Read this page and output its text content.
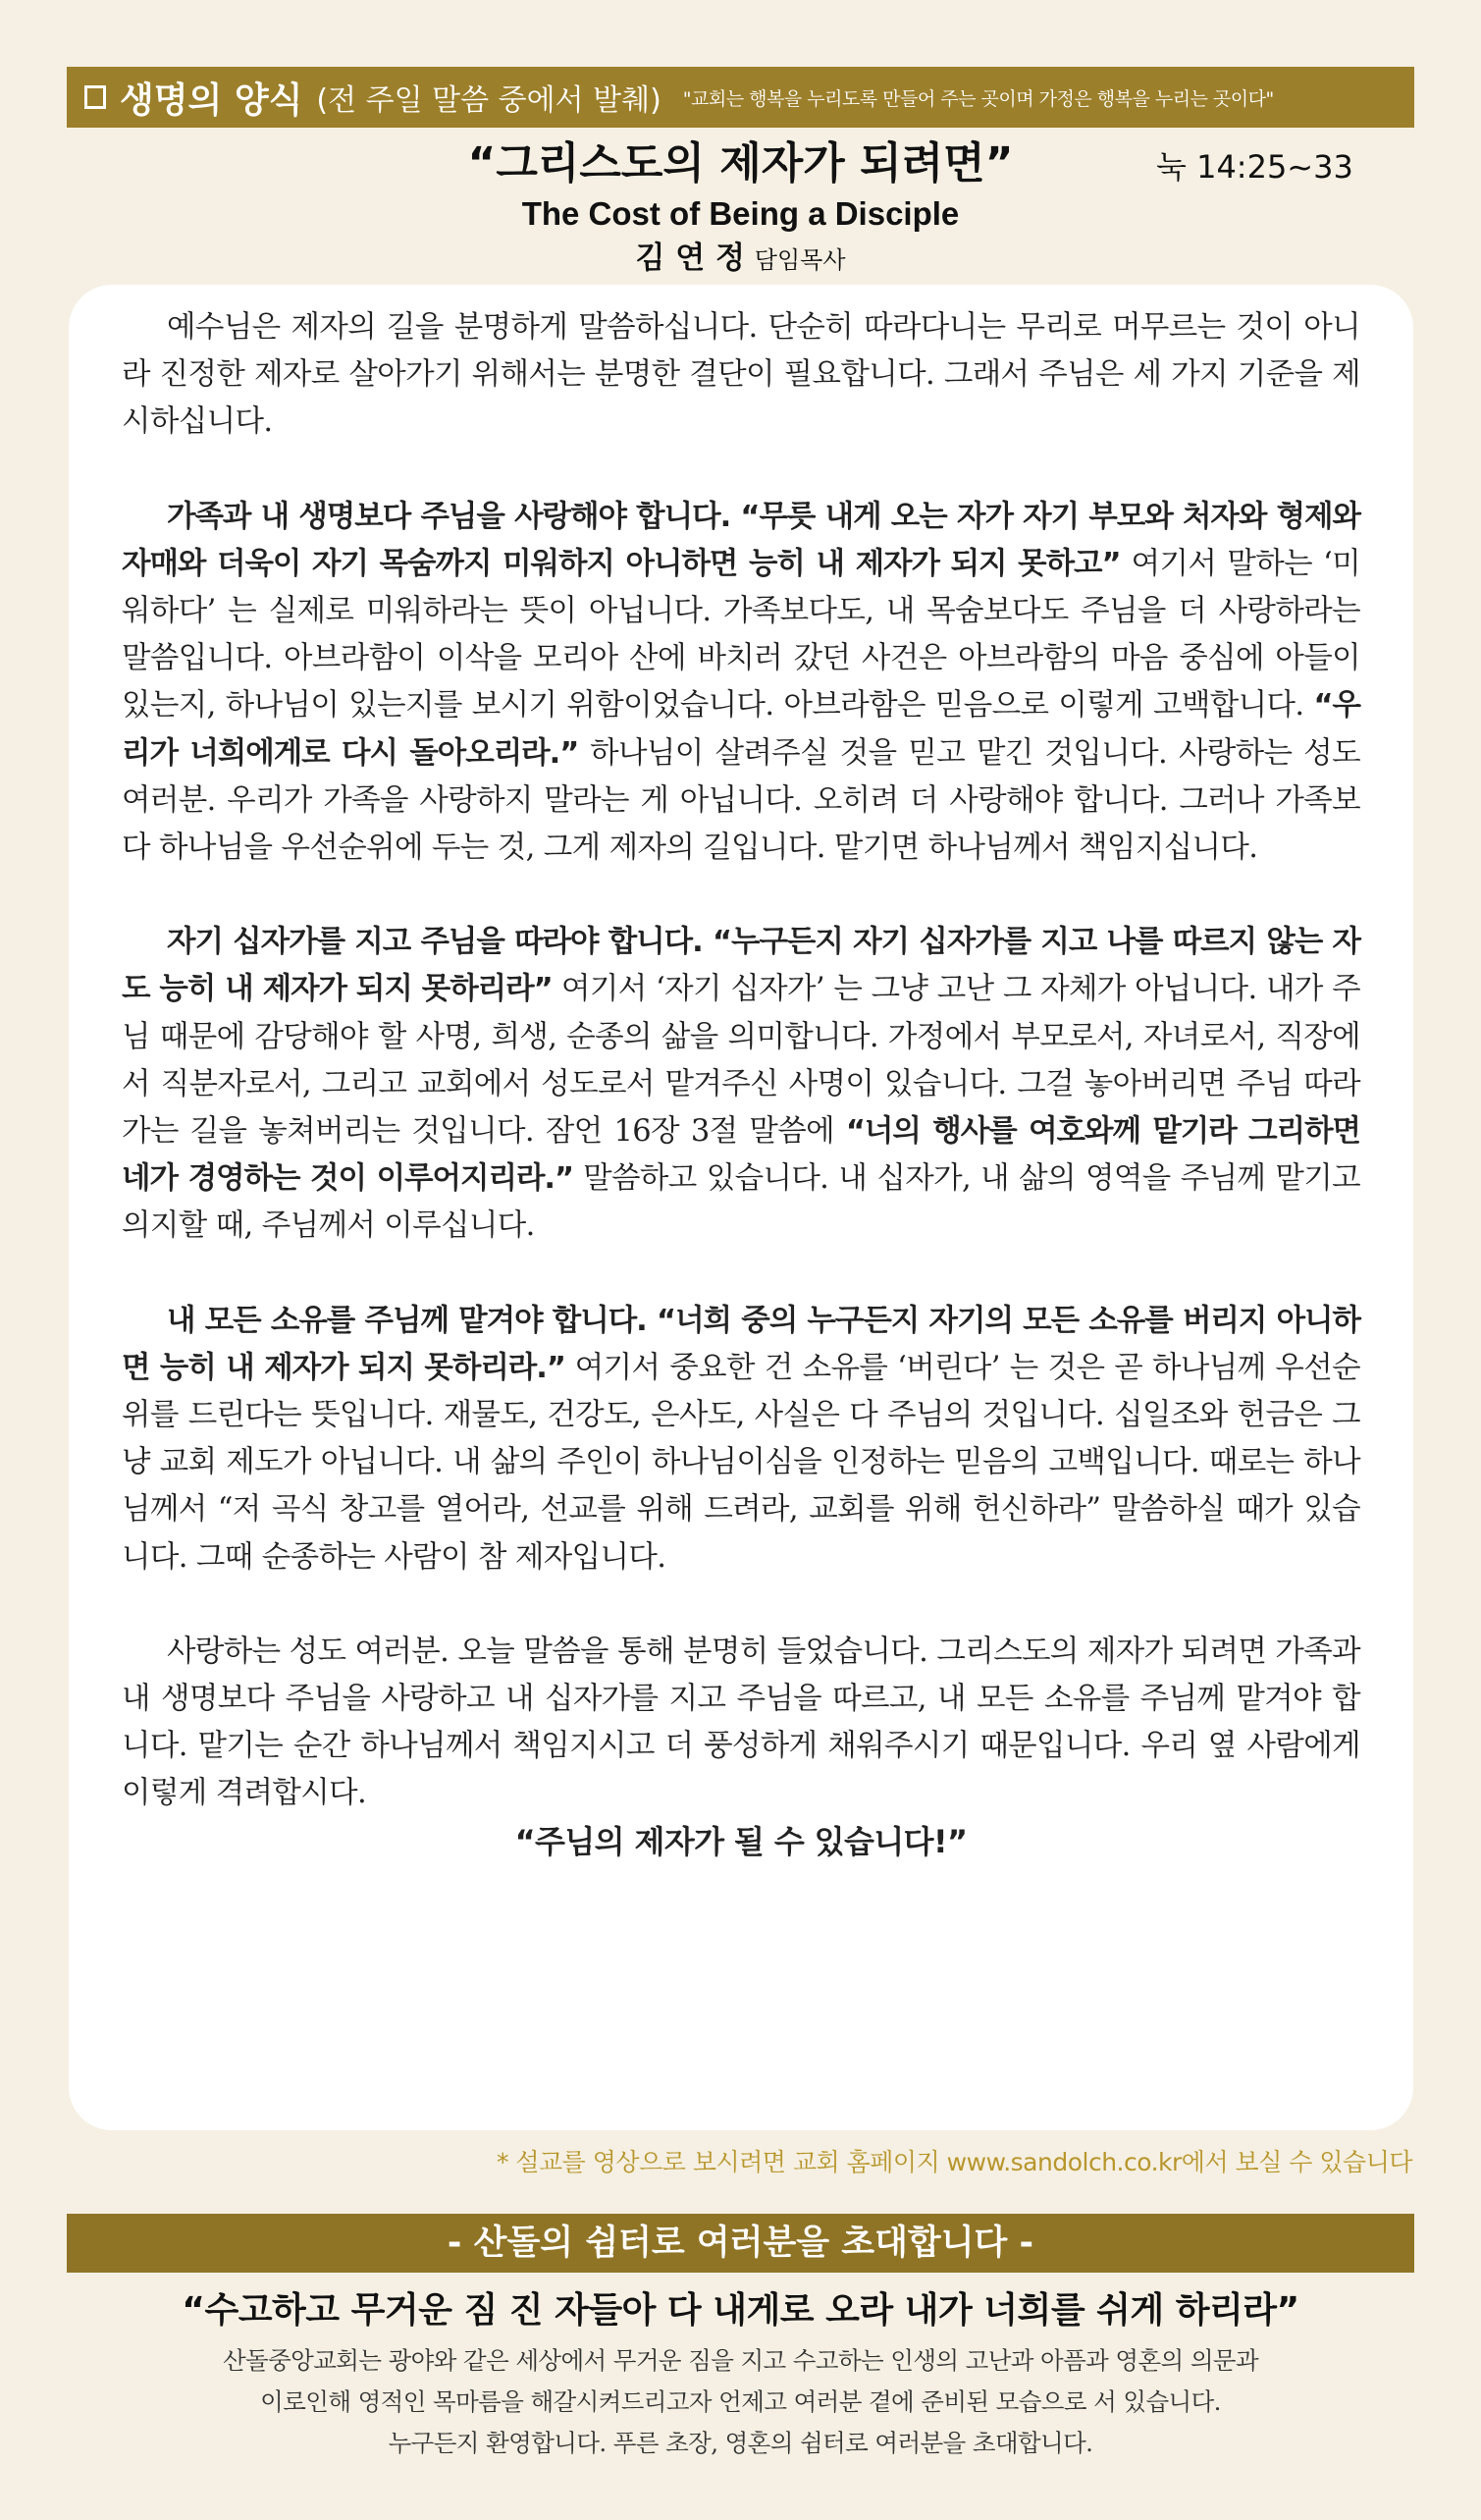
생명의 양식 (전 주일 말씀 중에서 발췌) "교회는 행복을 누리도록 만들어 주는 곳이며 가정은 행복을 누리는 곳이다"
“그리스도의 제자가 되려면”
The Cost of Being a Disciple
김 연 정 담임목사
눅 14:25~33

예수님은 제자의 길을 분명하게 말씀하십니다. 단순히 따라다니는 무리로 머무르는 것이 아니라 진정한 제자로 살아가기 위해서는 분명한 결단이 필요합니다. 그래서 주님은 세 가지 기준을 제시하십니다.

가족과 내 생명보다 주님을 사랑해야 합니다. “무릇 내게 오는 자가 자기 부모와 처자와 형제와 자매와 더욱이 자기 목숨까지 미워하지 아니하면 능히 내 제자가 되지 못하고” 여기서 말하는 ‘미워하다’ 는 실제로 미워하라는 뜻이 아닙니다. 가족보다도, 내 목숨보다도 주님을 더 사랑하라는 말씀입니다. 아브라함이 이삭을 모리아 산에 바치러 갔던 사건은 아브라함의 마음 중심에 아들이 있는지, 하나님이 있는지를 보시기 위함이었습니다. 아브라함은 믿음으로 이렇게 고백합니다. “우리가 너희에게로 다시 돌아오리라.” 하나님이 살려주실 것을 믿고 맡긴 것입니다. 사랑하는 성도 여러분. 우리가 가족을 사랑하지 말라는 게 아닙니다. 오히려 더 사랑해야 합니다. 그러나 가족보다 하나님을 우선순위에 두는 것, 그게 제자의 길입니다. 맡기면 하나님께서 책임지십니다.

자기 십자가를 지고 주님을 따라야 합니다. “누구든지 자기 십자가를 지고 나를 따르지 않는 자도 능히 내 제자가 되지 못하리라” 여기서 ‘자기 십자가’ 는 그냥 고난 그 자체가 아닙니다. 내가 주님 때문에 감당해야 할 사명, 희생, 순종의 삶을 의미합니다. 가정에서 부모로서, 자녀로서, 직장에서 직분자로서, 그리고 교회에서 성도로서 맡겨주신 사명이 있습니다. 그걸 놓아버리면 주님 따라가는 길을 놓쳐버리는 것입니다. 잠언 16장 3절 말씀에 “너의 행사를 여호와께 맡기라 그리하면 네가 경영하는 것이 이루어지리라.” 말씀하고 있습니다. 내 십자가, 내 삶의 영역을 주님께 맡기고 의지할 때, 주님께서 이루십니다.

내 모든 소유를 주님께 맡겨야 합니다. “너희 중의 누구든지 자기의 모든 소유를 버리지 아니하면 능히 내 제자가 되지 못하리라.” 여기서 중요한 건 소유를 ‘버린다’ 는 것은 곧 하나님께 우선순위를 드린다는 뜻입니다. 재물도, 건강도, 은사도, 사실은 다 주님의 것입니다. 십일조와 헌금은 그냥 교회 제도가 아닙니다. 내 삶의 주인이 하나님이심을 인정하는 믿음의 고백입니다. 때로는 하나님께서 “저 곡식 창고를 열어라, 선교를 위해 드려라, 교회를 위해 헌신하라” 말씀하실 때가 있습니다. 그때 순종하는 사람이 참 제자입니다.

사랑하는 성도 여러분. 오늘 말씀을 통해 분명히 들었습니다. 그리스도의 제자가 되려면 가족과 내 생명보다 주님을 사랑하고 내 십자가를 지고 주님을 따르고, 내 모든 소유를 주님께 맡겨야 합니다. 맡기는 순간 하나님께서 책임지시고 더 풍성하게 채워주시기 때문입니다. 우리 옆 사람에게 이렇게 격려합시다.

“주님의 제자가 될 수 있습니다!”

* 설교를 영상으로 보시려면 교회 홈페이지 www.sandolch.co.kr에서 보실 수 있습니다
- 산돌의 쉼터로 여러분을 초대합니다 -
“수고하고 무거운 짐 진 자들아 다 내게로 오라 내가 너희를 쉬게 하리라”
산돌중앙교회는 광야와 같은 세상에서 무거운 짐을 지고 수고하는 인생의 고난과 아픔과 영혼의 의문과
이로인해 영적인 목마름을 해갈시켜드리고자 언제고 여러분 곁에 준비된 모습으로 서 있습니다.
누구든지 환영합니다. 푸른 초장, 영혼의 쉼터로 여러분을 초대합니다.
